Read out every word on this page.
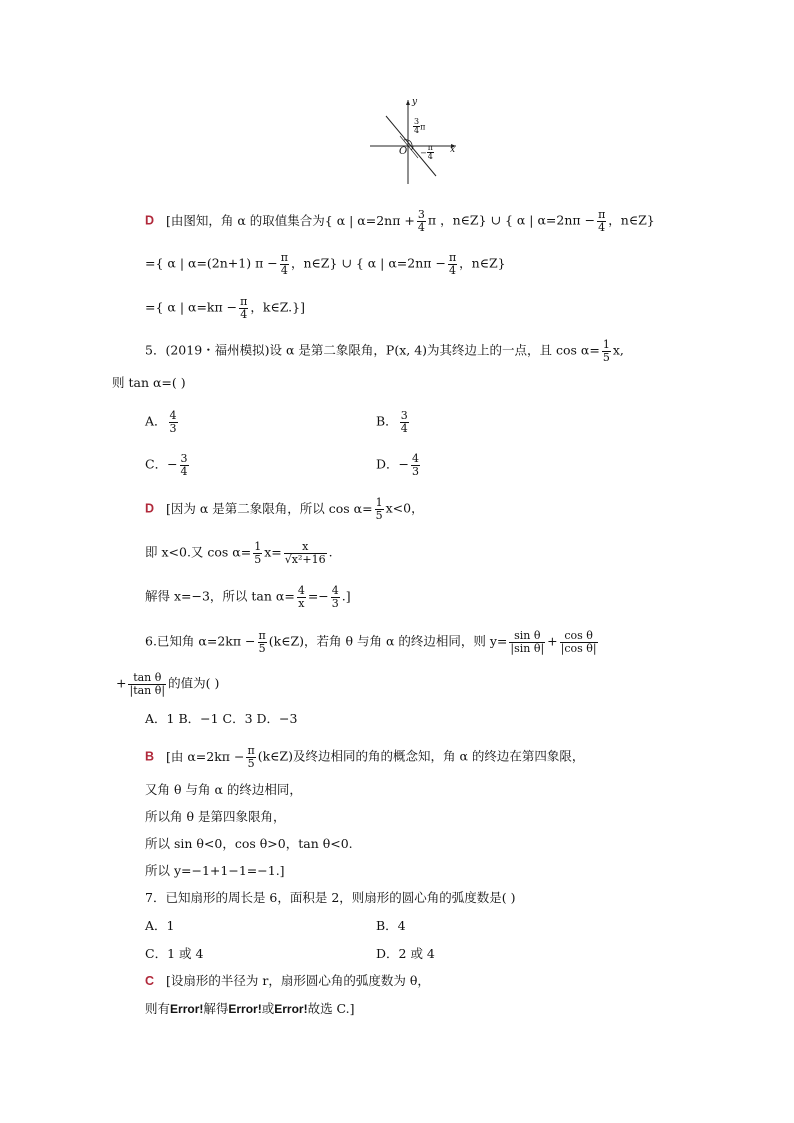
y
x
O
$\frac{3}{4}$ π
− $\frac{\pi}{4}$
D [由图知，角 α 的取值集合为{ α | $\alpha=2n\pi + \frac{3}{4}$ π ，n∈Z} ∪ { α | $\alpha=2n\pi - \frac{\pi}{4}$ ，n∈Z}
={ α | α=(2n+1) $\pi - \frac{\pi}{4}$ ，n∈Z} ∪ { α | $\alpha=2n\pi - \frac{\pi}{4}$ ，n∈Z}
={ α | $\alpha=k\pi - \frac{\pi}{4}$ ，k∈Z.}]
5．(2019・福州模拟)设 α 是第二象限角，P(x, 4)为其终边上的一点，且 $\cos \alpha= \frac{1}{5} x$,
则 tan α=( )
A． $\frac{4}{3}$	B． $\frac{3}{4}$
C．− $\frac{3}{4}$	D．− $\frac{4}{3}$
D [因为 α 是第二象限角，所以 $\cos \alpha= \frac{1}{5} x<0$，
即 x<0.又 $\cos \alpha= \frac{1}{5} x= \frac{x}{\text{√x²+16}}$ .
解得 x=−3，所以 $\tan \alpha= \frac{4}{x} =- \frac{4}{3}$ .]
6.已知角 $\alpha=2k\pi - \frac{\pi}{5}$ (k∈Z)，若角 θ 与角 α 的终边相同，则 $y= \frac{\text{sin θ}}{\text{|sin θ|}} + \frac{\text{cos θ}}{\text{|cos θ|}}$
+ $\frac{\text{tan θ}}{\text{|tan θ|}}$ 的值为( )
A．1 B．−1 C．3 D．−3
B [由 $\alpha=2k\pi - \frac{\pi}{5}$ (k∈Z)及终边相同的角的概念知，角 α 的终边在第四象限，
又角 θ 与角 α 的终边相同，
所以角 θ 是第四象限角，
所以 sin θ<0，cos θ>0，tan θ<0.
所以 y=−1+1−1=−1.]
7．已知扇形的周长是 6，面积是 2，则扇形的圆心角的弧度数是( )
A．1	B．4
C．1 或 4	D．2 或 4
C [设扇形的半径为 r，扇形圆心角的弧度数为 θ，
则有Error!解得Error!或Error!故选 C.]
